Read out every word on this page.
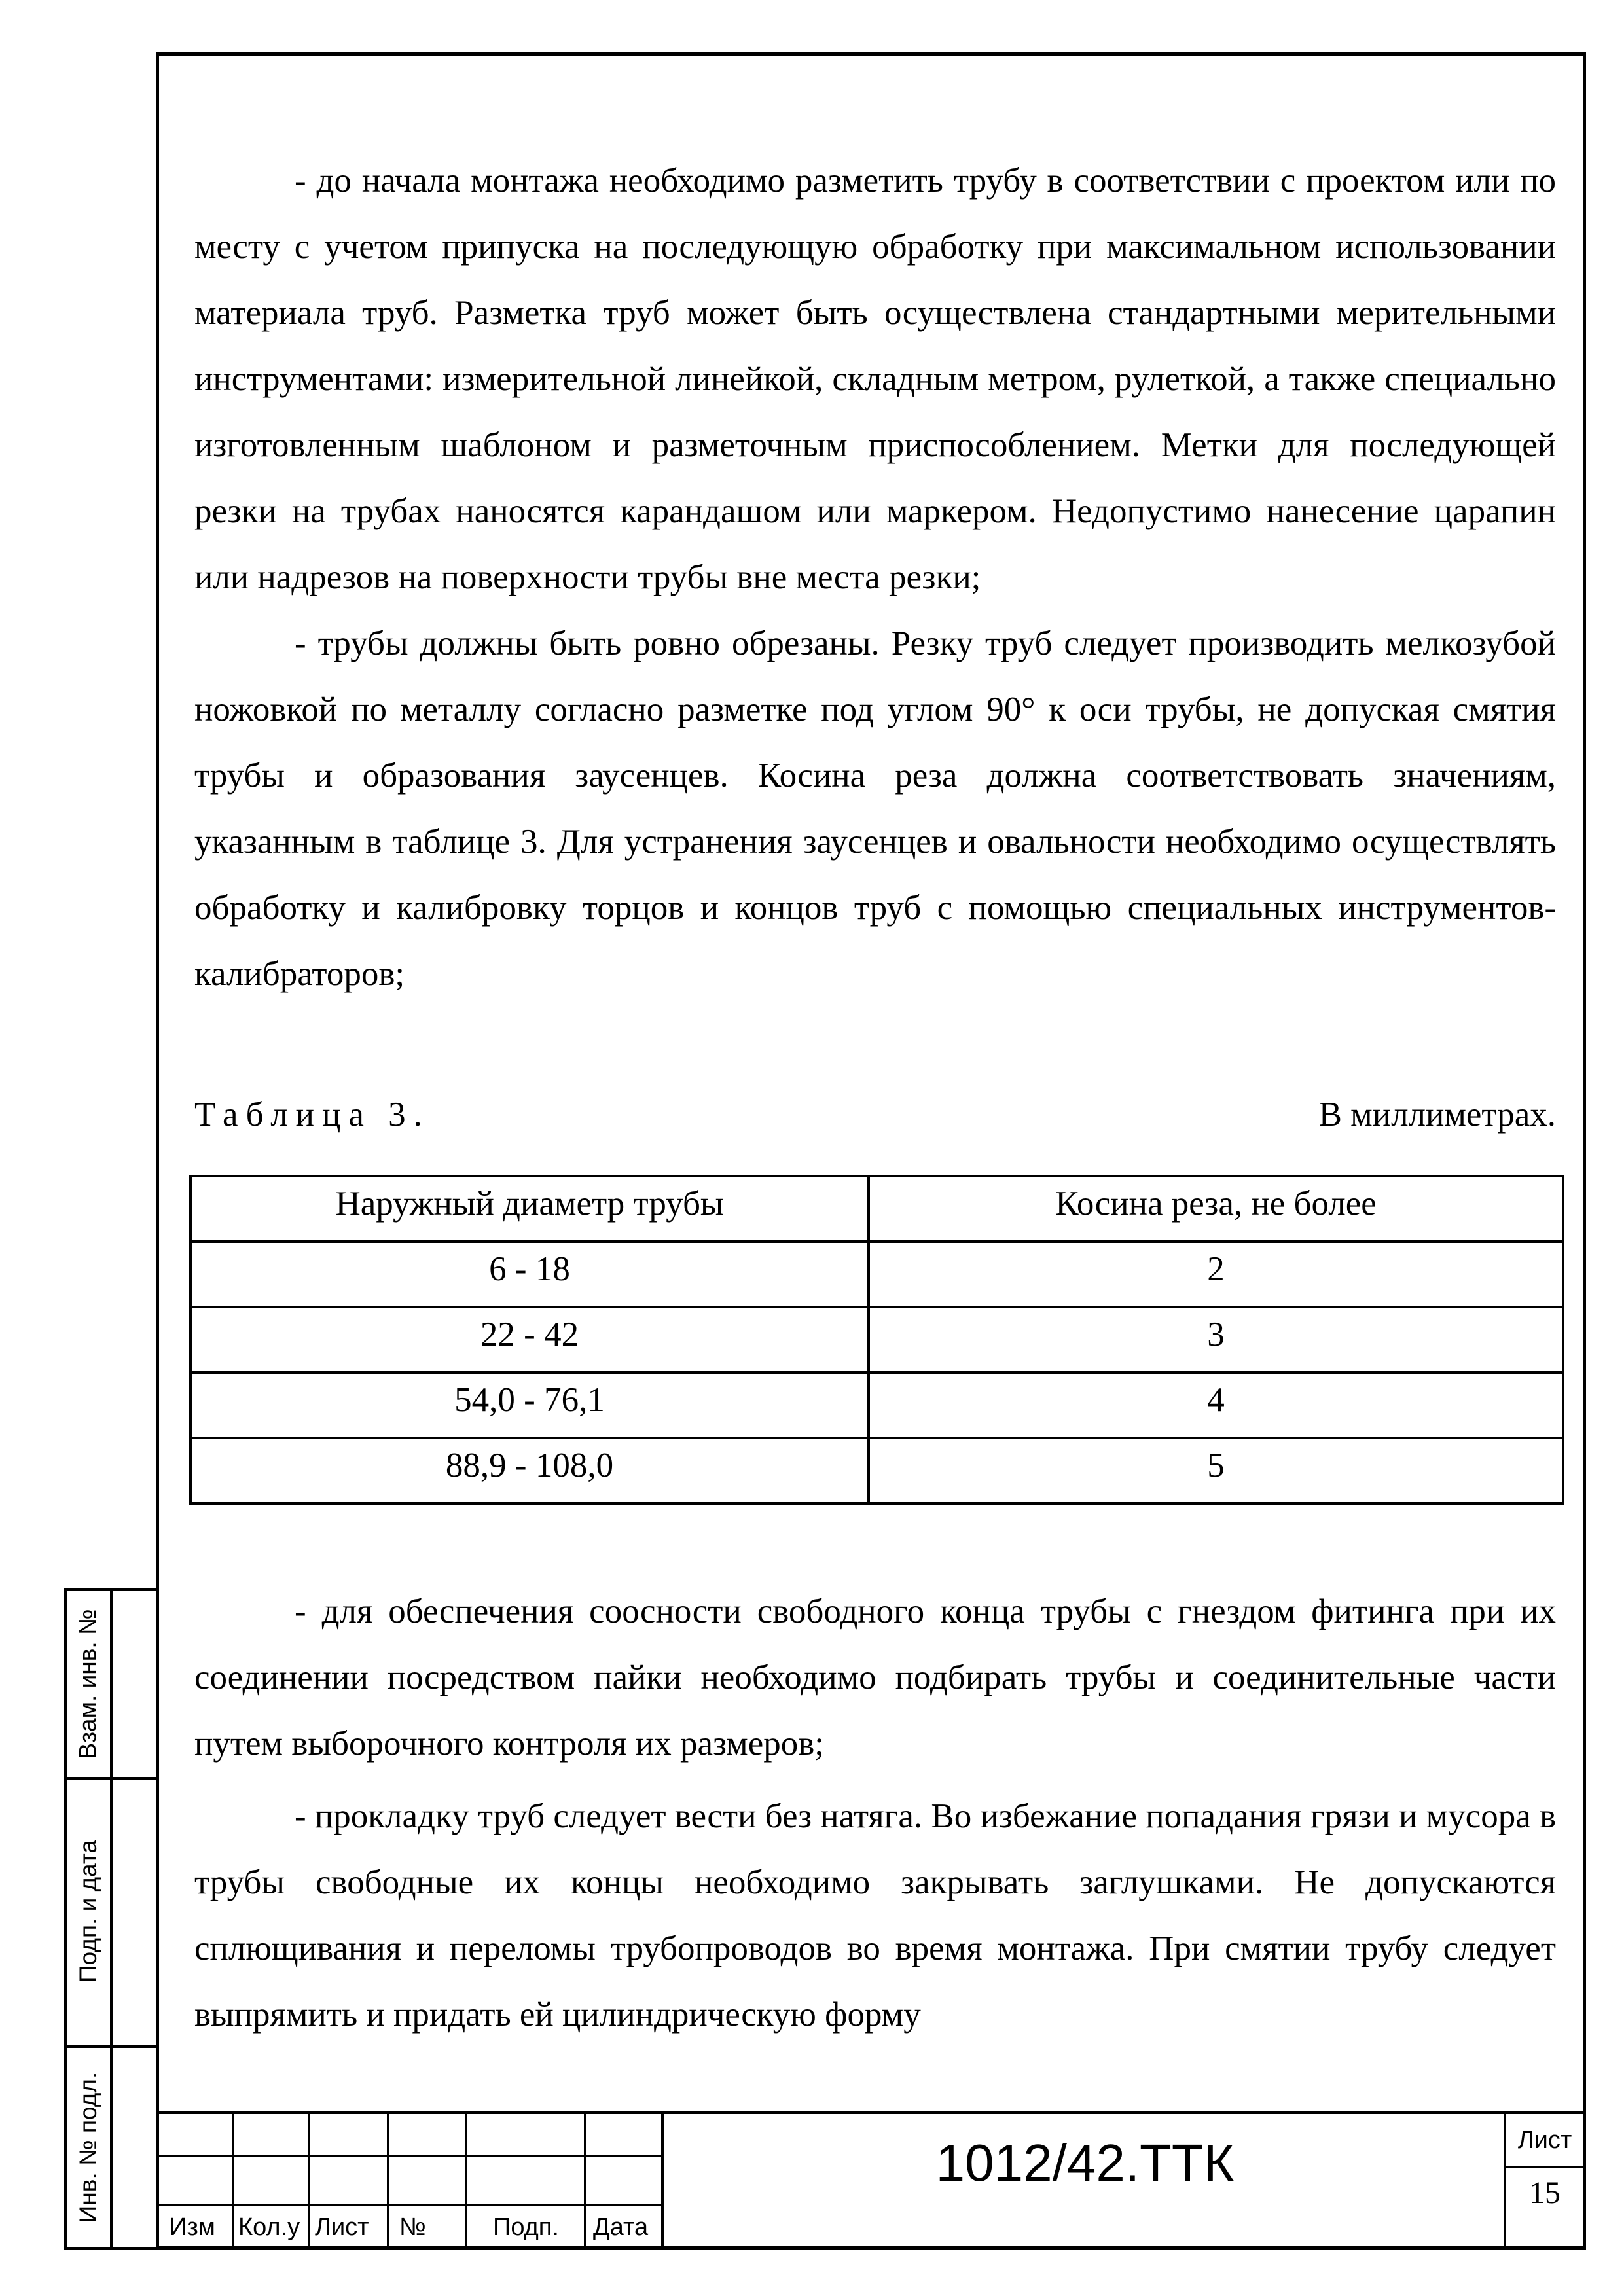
- до начала монтажа необходимо разметить трубу в соответствии с проектом или по месту с учетом припуска на последующую обработку при максимальном использовании материала труб. Разметка труб может быть осуществлена стандартными мерительными инструментами: измерительной линейкой, складным метром, рулеткой, а также специально изготовленным шаблоном и разметочным приспособлением. Метки для последующей резки на трубах наносятся карандашом или маркером. Недопустимо нанесение царапин или надрезов на поверхности трубы вне места резки;

- трубы должны быть ровно обрезаны. Резку труб следует производить мелкозубой ножовкой по металлу согласно разметке под углом 90° к оси трубы, не допуская смятия трубы и образования заусенцев. Косина реза должна соответствовать значениям, указанным в таблице 3. Для устранения заусенцев и овальности необходимо осуществлять обработку и калибровку торцов и концов труб с помощью специальных инструментов-калибраторов;

Таблица 3.	В миллиметрах.
Наружный диаметр трубы	Косина реза, не более
6 - 18	2
22 - 42	3
54,0 - 76,1	4
88,9 - 108,0	5

- для обеспечения соосности свободного конца трубы с гнездом фитинга при их соединении посредством пайки необходимо подбирать трубы и соединительные части путем выборочного контроля их размеров;

- прокладку труб следует вести без натяга. Во избежание попадания грязи и мусора в трубы свободные их концы необходимо закрывать заглушками. Не допускаются сплющивания и переломы трубопроводов во время монтажа. При смятии трубу следует выпрямить и придать ей цилиндрическую форму

Взам. инв. №
Подп. и дата
Инв. № подл.
Изм Кол.у Лист №	Подп. Дата
1012/42.ТТК	Лист
15
